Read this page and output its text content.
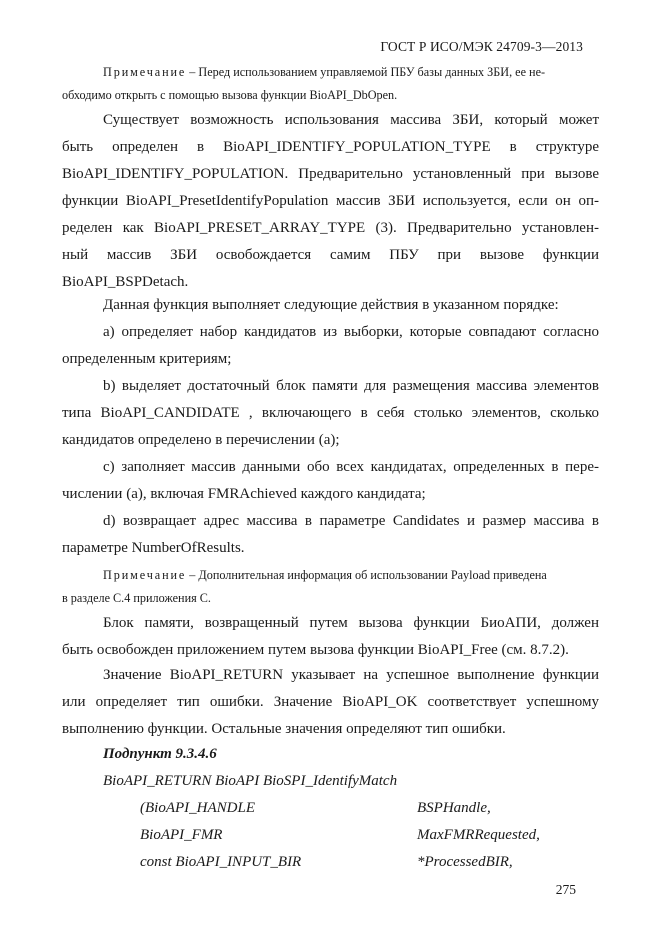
ГОСТ Р ИСО/МЭК 24709-3—2013
Примечание – Перед использованием управляемой ПБУ базы данных ЗБИ, ее не-
обходимо открыть с помощью вызова функции BioAPI_DbOpen.
Существует возможность использования массива ЗБИ, который может
быть определен в BioAPI_IDENTIFY_POPULATION_TYPE в структуре
BioAPI_IDENTIFY_POPULATION. Предварительно установленный при вызове
функции BioAPI_PresetIdentifyPopulation массив ЗБИ используется, если он оп-
ределен как BioAPI_PRESET_ARRAY_TYPE (3). Предварительно установлен-
ный массив ЗБИ освобождается самим ПБУ при вызове функции
BioAPI_BSPDetach.
Данная функция выполняет следующие действия в указанном порядке:
a) определяет набор кандидатов из выборки, которые совпадают согласно
определенным критериям;
b) выделяет достаточный блок памяти для размещения массива элементов
типа BioAPI_CANDIDATE , включающего в себя столько элементов, сколько
кандидатов определено в перечислении (a);
c) заполняет массив данными обо всех кандидатах, определенных в пере-
числении (a), включая FMRAchieved каждого кандидата;
d) возвращает адрес массива в параметре Candidates и размер массива в
параметре NumberOfResults.
Примечание – Дополнительная информация об использовании Payload приведена
в разделе C.4 приложения C.
Блок памяти, возвращенный путем вызова функции БиоАПИ, должен
быть освобожден приложением путем вызова функции BioAPI_Free (см. 8.7.2).
Значение BioAPI_RETURN указывает на успешное выполнение функции
или определяет тип ошибки. Значение BioAPI_OK соответствует успешному
выполнению функции. Остальные значения определяют тип ошибки.
Подпункт 9.3.4.6
BioAPI_RETURN BioAPI BioSPI_IdentifyMatch
(BioAPI_HANDLE	BSPHandle,
BioAPI_FMR	MaxFMRRequested,
const BioAPI_INPUT_BIR	*ProcessedBIR,
275
